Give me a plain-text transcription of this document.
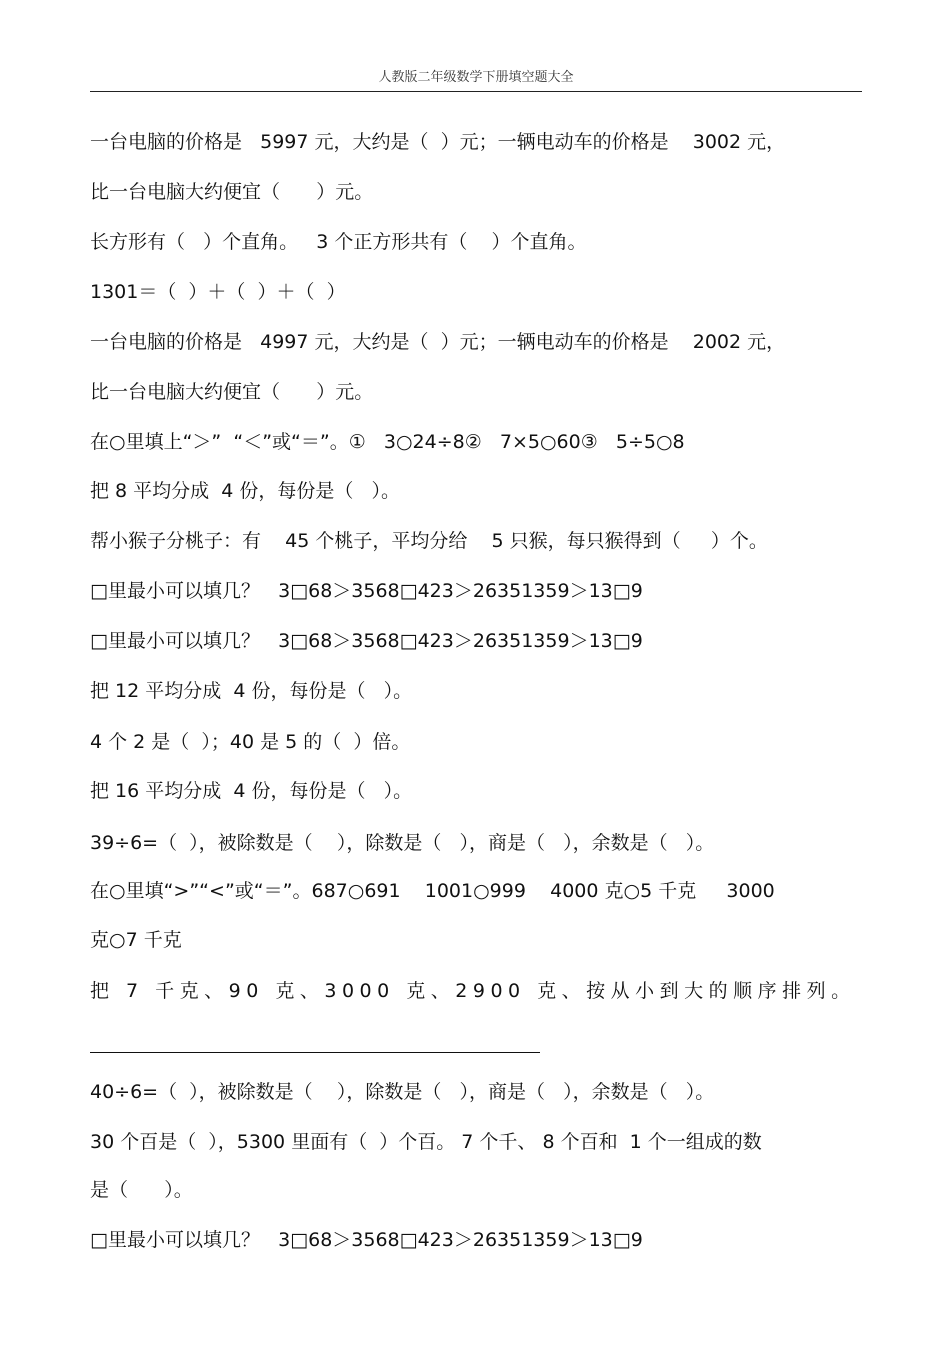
人教版二年级数学下册填空题大全
一台电脑的价格是   5997 元，大约是（  ）元；一辆电动车的价格是    3002 元，
比一台电脑大约便宜（      ）元。
长方形有（   ）个直角。   3 个正方形共有（    ）个直角。
1301＝（  ）＋（  ）＋（  ）
一台电脑的价格是   4997 元，大约是（  ）元；一辆电动车的价格是    2002 元，
比一台电脑大约便宜（      ）元。
在○里填上“＞”  “＜”或“＝”。①   3○24÷8②   7×5○60③   5÷5○8
把 8 平均分成  4 份，每份是（   ）。
帮小猴子分桃子：有    45 个桃子，平均分给    5 只猴，每只猴得到（     ）个。
□里最小可以填几？   3□68＞3568□423＞26351359＞13□9
□里最小可以填几？   3□68＞3568□423＞26351359＞13□9
把 12 平均分成  4 份，每份是（   ）。
4 个 2 是（  ）；40 是 5 的（  ）倍。
把 16 平均分成  4 份，每份是（   ）。
39÷6=（  ），被除数是（    ），除数是（   ），商是（   ），余数是（   ）。
在○里填“>”“<”或“＝”。687○691    1001○999    4000 克○5 千克     3000
克○7 千克
把 7 千克、90 克、3000 克、2900 克、按从小到大的顺序排列。
40÷6=（  ），被除数是（    ），除数是（   ），商是（   ），余数是（   ）。
30 个百是（  ），5300 里面有（  ）个百。 7 个千、 8 个百和  1 个一组成的数
是（      ）。
□里最小可以填几？   3□68＞3568□423＞26351359＞13□9
